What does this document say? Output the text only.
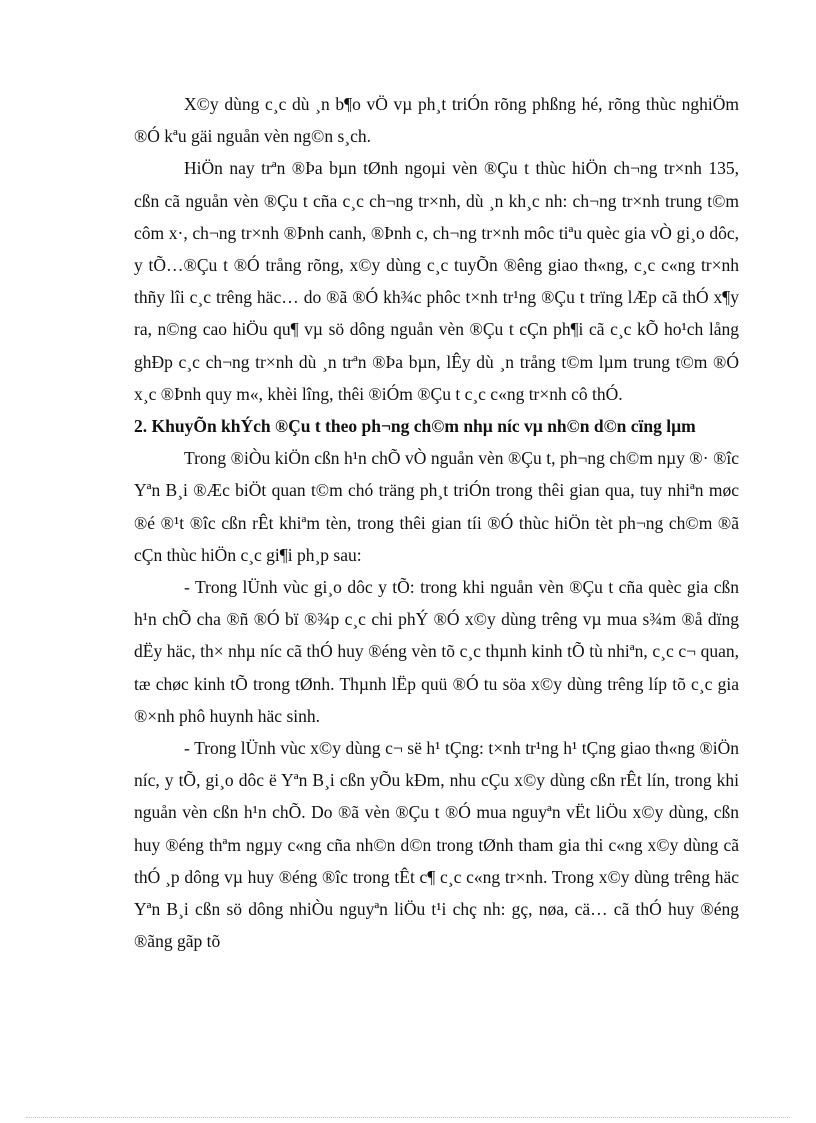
X©y dùng c¸c dù ¸n b¶o vÖ vµ ph¸t triÓn rõng phßng hé, rõng thùc nghiÖm ®Ó kªu gäi nguån vèn ng©n s¸ch.

HiÖn nay trªn ®Þa bµn tØnh ngoµi vèn ®Çu t thùc hiÖn ch¬ng tr×nh 135, cßn cã nguån vèn ®Çu t cña c¸c ch¬ng tr×nh, dù ¸n kh¸c nh: ch¬ng tr×nh trung t©m côm x·, ch¬ng tr×nh ®Þnh canh, ®Þnh c, ch¬ng tr×nh môc tiªu quèc gia vÒ gi¸o dôc, y tÕ…®Çu t ®Ó trång rõng, x©y dùng c¸c tuyÕn ®êng giao th«ng, c¸c c«ng tr×nh thñy lîi c¸c trêng häc… do ®ã ®Ó kh¾c phôc t×nh tr¹ng ®Çu t trïng lÆp cã thÓ x¶y ra, n©ng cao hiÖu qu¶ vµ sö dông nguån vèn ®Çu t cÇn ph¶i cã c¸c kÕ ho¹ch lång ghÐp c¸c ch¬ng tr×nh dù ¸n trªn ®Þa bµn, lÊy dù ¸n trång t©m lµm trung t©m ®Ó x¸c ®Þnh quy m«, khèi lîng, thêi ®iÓm ®Çu t c¸c c«ng tr×nh cô thÓ.

2. KhuyÕn khÝch ®Çu t theo ph¬ng ch©m nhµ níc vµ nh©n d©n cïng lµm

Trong ®iÒu kiÖn cßn h¹n chÕ vÒ nguån vèn ®Çu t, ph¬ng ch©m nµy ®· ®îc Yªn B¸i ®Æc biÖt quan t©m chó träng ph¸t triÓn trong thêi gian qua, tuy nhiªn møc ®é ®¹t ®îc cßn rÊt khiªm tèn, trong thêi gian tíi ®Ó thùc hiÖn tèt ph¬ng ch©m ®ã cÇn thùc hiÖn c¸c gi¶i ph¸p sau:

- Trong lÜnh vùc gi¸o dôc y tÕ: trong khi nguån vèn ®Çu t cña quèc gia cßn h¹n chÕ cha ®ñ ®Ó bï ®¾p c¸c chi phÝ ®Ó x©y dùng trêng vµ mua s¾m ®å dïng dËy häc, th× nhµ níc cã thÓ huy ®éng vèn tõ c¸c thµnh kinh tÕ tù nhiªn, c¸c c¬ quan, tæ chøc kinh tÕ trong tØnh. Thµnh lËp quü ®Ó tu söa x©y dùng trêng líp tõ c¸c gia ®×nh phô huynh häc sinh.

- Trong lÜnh vùc x©y dùng c¬ së h¹ tÇng: t×nh tr¹ng h¹ tÇng giao th«ng ®iÖn níc, y tÕ, gi¸o dôc ë Yªn B¸i cßn yÕu kÐm, nhu cÇu x©y dùng cßn rÊt lín, trong khi nguån vèn cßn h¹n chÕ. Do ®ã vèn ®Çu t ®Ó mua nguyªn vËt liÖu x©y dùng, cßn huy ®éng thªm ngµy c«ng cña nh©n d©n trong tØnh tham gia thi c«ng x©y dùng cã thÓ ¸p dông vµ huy ®éng ®îc trong tÊt c¶ c¸c c«ng tr×nh. Trong x©y dùng trêng häc Yªn B¸i cßn sö dông nhiÒu nguyªn liÖu t¹i chç nh: gç, nøa, cä… cã thÓ huy ®éng ®ãng gãp tõ
